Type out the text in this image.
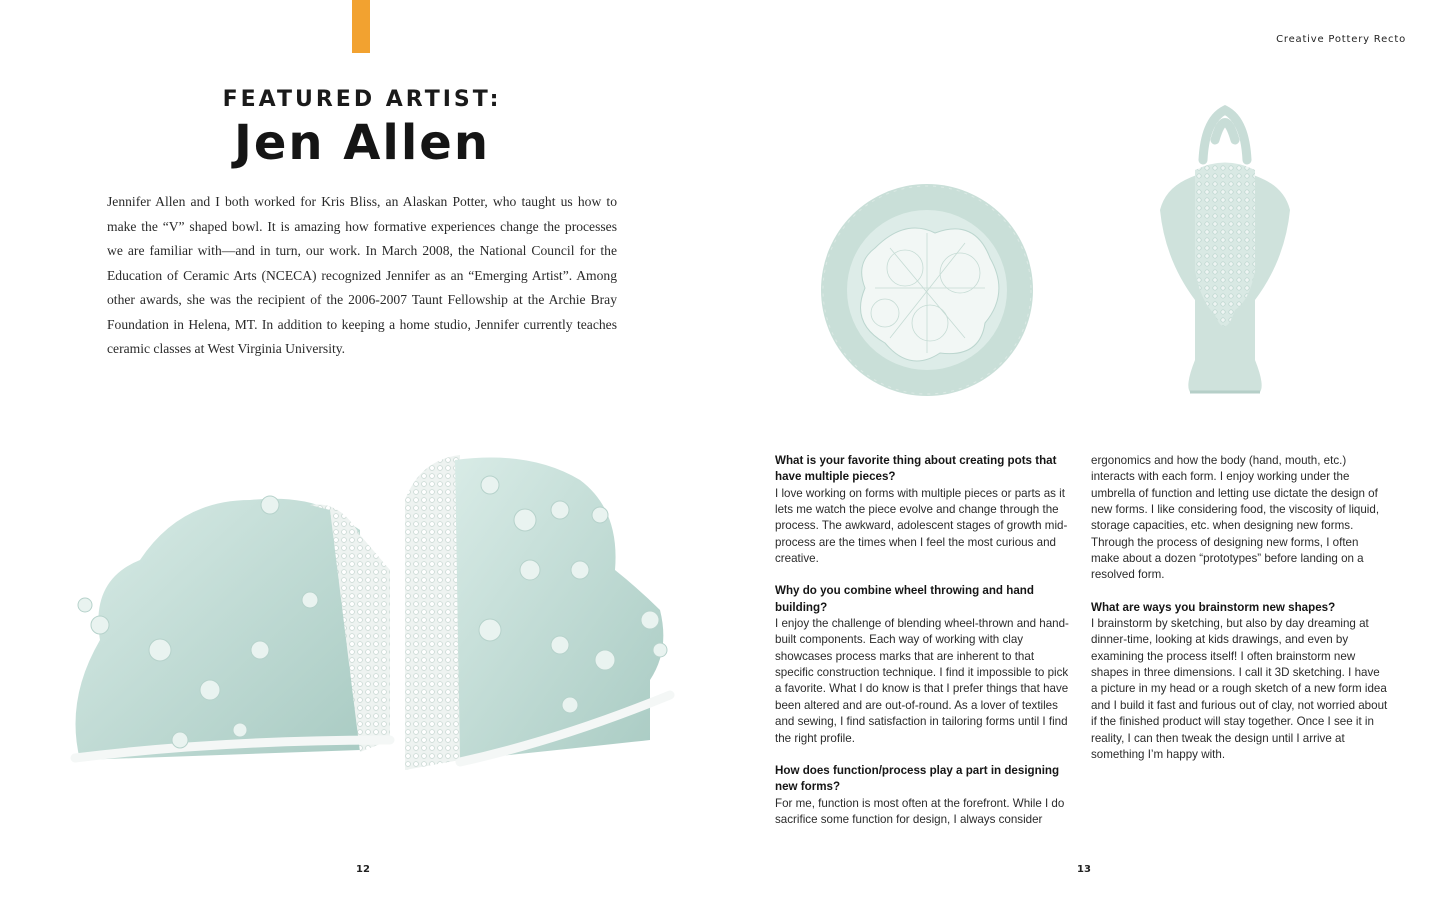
Creative Pottery Recto
FEATURED ARTIST:
Jen Allen
Jennifer Allen and I both worked for Kris Bliss, an Alaskan Potter, who taught us how to make the “V” shaped bowl. It is amazing how formative experiences change the processes we are familiar with—and in turn, our work. In March 2008, the National Council for the Education of Ceramic Arts (NCECA) recognized Jennifer as an “Emerging Artist”. Among other awards, she was the recipient of the 2006-2007 Taunt Fellowship at the Archie Bray Foundation in Helena, MT. In addition to keeping a home studio, Jennifer currently teaches ceramic classes at West Virginia University.

What is your favorite thing about creating pots that have multiple pieces?

I love working on forms with multiple pieces or parts as it lets me watch the piece evolve and change through the process. The awkward, adolescent stages of growth mid-process are the times when I feel the most curious and creative.

Why do you combine wheel throwing and hand building?

I enjoy the challenge of blending wheel-thrown and hand-built components. Each way of working with clay showcases process marks that are inherent to that specific construction technique. I find it impossible to pick a favorite. What I do know is that I prefer things that have been altered and are out-of-round. As a lover of textiles and sewing, I find satisfaction in tailoring forms until I find the right profile.

How does function/process play a part in designing new forms?

For me, function is most often at the forefront. While I do sacrifice some function for design, I always consider

ergonomics and how the body (hand, mouth, etc.) interacts with each form. I enjoy working under the umbrella of function and letting use dictate the design of new forms. I like considering food, the viscosity of liquid, storage capacities, etc. when designing new forms. Through the process of designing new forms, I often make about a dozen “prototypes” before landing on a resolved form.

What are ways you brainstorm new shapes?

I brainstorm by sketching, but also by day dreaming at dinner-time, looking at kids drawings, and even by examining the process itself! I often brainstorm new shapes in three dimensions. I call it 3D sketching. I have a picture in my head or a rough sketch of a new form idea and I build it fast and furious out of clay, not worried about if the finished product will stay together. Once I see it in reality, I can then tweak the design until I arrive at something I’m happy with.

12	13
